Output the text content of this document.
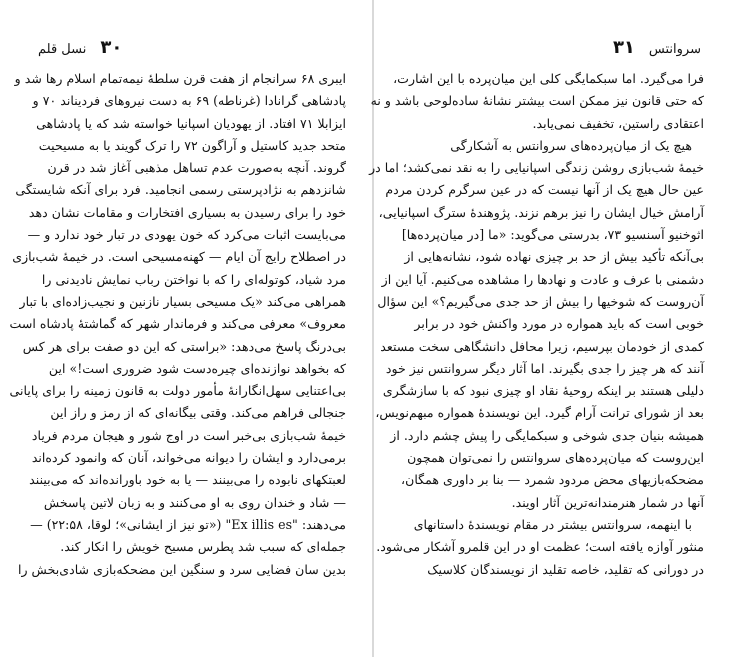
۳۰
نسل قلم
ایبری ۶۸ سرانجام از هفت قرن سلطهٔ نیمه‌تمام اسلام رها شد و
پادشاهی گرانادا (غرناطه) ۶۹ به دست نیروهای فردیناند ۷۰ و
ایزابلا ۷۱ افتاد. از یهودیان اسپانیا خواسته شد که یا پادشاهی
متحد جدید کاستیل و آراگون ۷۲ را ترک گویند یا به مسیحیت
گروند. آنچه به‌صورت عدم تساهل مذهبی آغاز شد در قرن
شانزدهم به نژادپرستی رسمی انجامید. فرد برای آنکه شایستگی
خود را برای رسیدن به بسیاری افتخارات و مقامات نشان دهد
می‌بایست اثبات می‌کرد که خون یهودی در تبار خود ندارد و —
در اصطلاح رایج آن ایام — کهنه‌مسیحی است. در خیمهٔ شب‌بازی
مرد شیاد، کوتوله‌ای را که با نواختن رباب نمایش نادیدنی را
همراهی می‌کند «یک مسیحی بسیار نازنین و نجیب‌زاده‌ای با تبار
معروف» معرفی می‌کند و فرماندار شهر که گماشتهٔ پادشاه است
بی‌درنگ پاسخ می‌دهد: «براستی که این دو صفت برای هر کس
که بخواهد نوازنده‌ای چیره‌دست شود ضروری است!» این
بی‌اعتنایی سهل‌انگارانهٔ مأمور دولت به قانون زمینه را برای پایانی
جنجالی فراهم می‌کند. وقتی بیگانه‌ای که از رمز و راز این
خیمهٔ شب‌بازی بی‌خبر است در اوج شور و هیجان مردم فریاد
برمی‌دارد و ایشان را دیوانه می‌خواند، آنان که وانمود کرده‌اند
لعبتکهای نابوده را می‌بینند — یا به خود باورانده‌اند که می‌بینند
— شاد و خندان روی به او می‌کنند و به زبان لاتین پاسخش
می‌دهند: "Ex illis es" («تو نیز از ایشانی»؛ لوقا، ۲۲:۵۸) —
جمله‌ای که سبب شد پطرس مسیح خویش را انکار کند.
بدین سان فضایی سرد و سنگین این مضحکه‌بازی شادی‌بخش را
سروانتس
۳۱
فرا می‌گیرد. اما سبکمایگی کلی این میان‌پرده با این اشارت،
که حتی قانون نیز ممکن است بیشتر نشانهٔ ساده‌لوحی باشد و نه
اعتقادی راستین، تخفیف نمی‌یابد.
هیچ یک از میان‌پرده‌های سروانتس به آشکارگی
خیمهٔ شب‌بازی روشن زندگی اسپانیایی را به نقد نمی‌کشد؛ اما در
عین حال هیچ یک از آنها نیست که در عین سرگرم کردن مردم
آرامش خیال ایشان را نیز برهم نزند. پژوهندهٔ سترگ اسپانیایی،
اثوخنیو آسنسیو ۷۳، بدرستی می‌گوید: «ما [در میان‌پرده‌ها]
بی‌آنکه تأکید بیش از حد بر چیزی نهاده شود، نشانه‌هایی از
دشمنی با عرف و عادت و نهادها را مشاهده می‌کنیم. آیا این از
آن‌روست که شوخیها را بیش از حد جدی می‌گیریم؟» این سؤال
خوبی است که باید همواره در مورد واکنش خود در برابر
کمدی از خودمان بپرسیم، زیرا محافل دانشگاهی سخت مستعد
آنند که هر چیز را جدی بگیرند. اما آثار دیگر سروانتس نیز خود
دلیلی هستند بر اینکه روحیهٔ نقاد او چیزی نبود که با سازشگری
بعد از شورای ترانت آرام گیرد. این نویسندهٔ همواره مبهم‌نویس،
همیشه بنیان جدی شوخی و سبکمایگی را پیش چشم دارد. از
این‌روست که میان‌پرده‌های سروانتس را نمی‌توان همچون
مضحکه‌بازیهای محض مردود شمرد — بنا بر داوری همگان،
آنها در شمار هنرمندانه‌ترین آثار اویند.
با اینهمه، سروانتس بیشتر در مقام نویسندهٔ داستانهای
منثور آوازه یافته است؛ عظمت او در این قلمرو آشکار می‌شود.
در دورانی که تقلید، خاصه تقلید از نویسندگان کلاسیک
